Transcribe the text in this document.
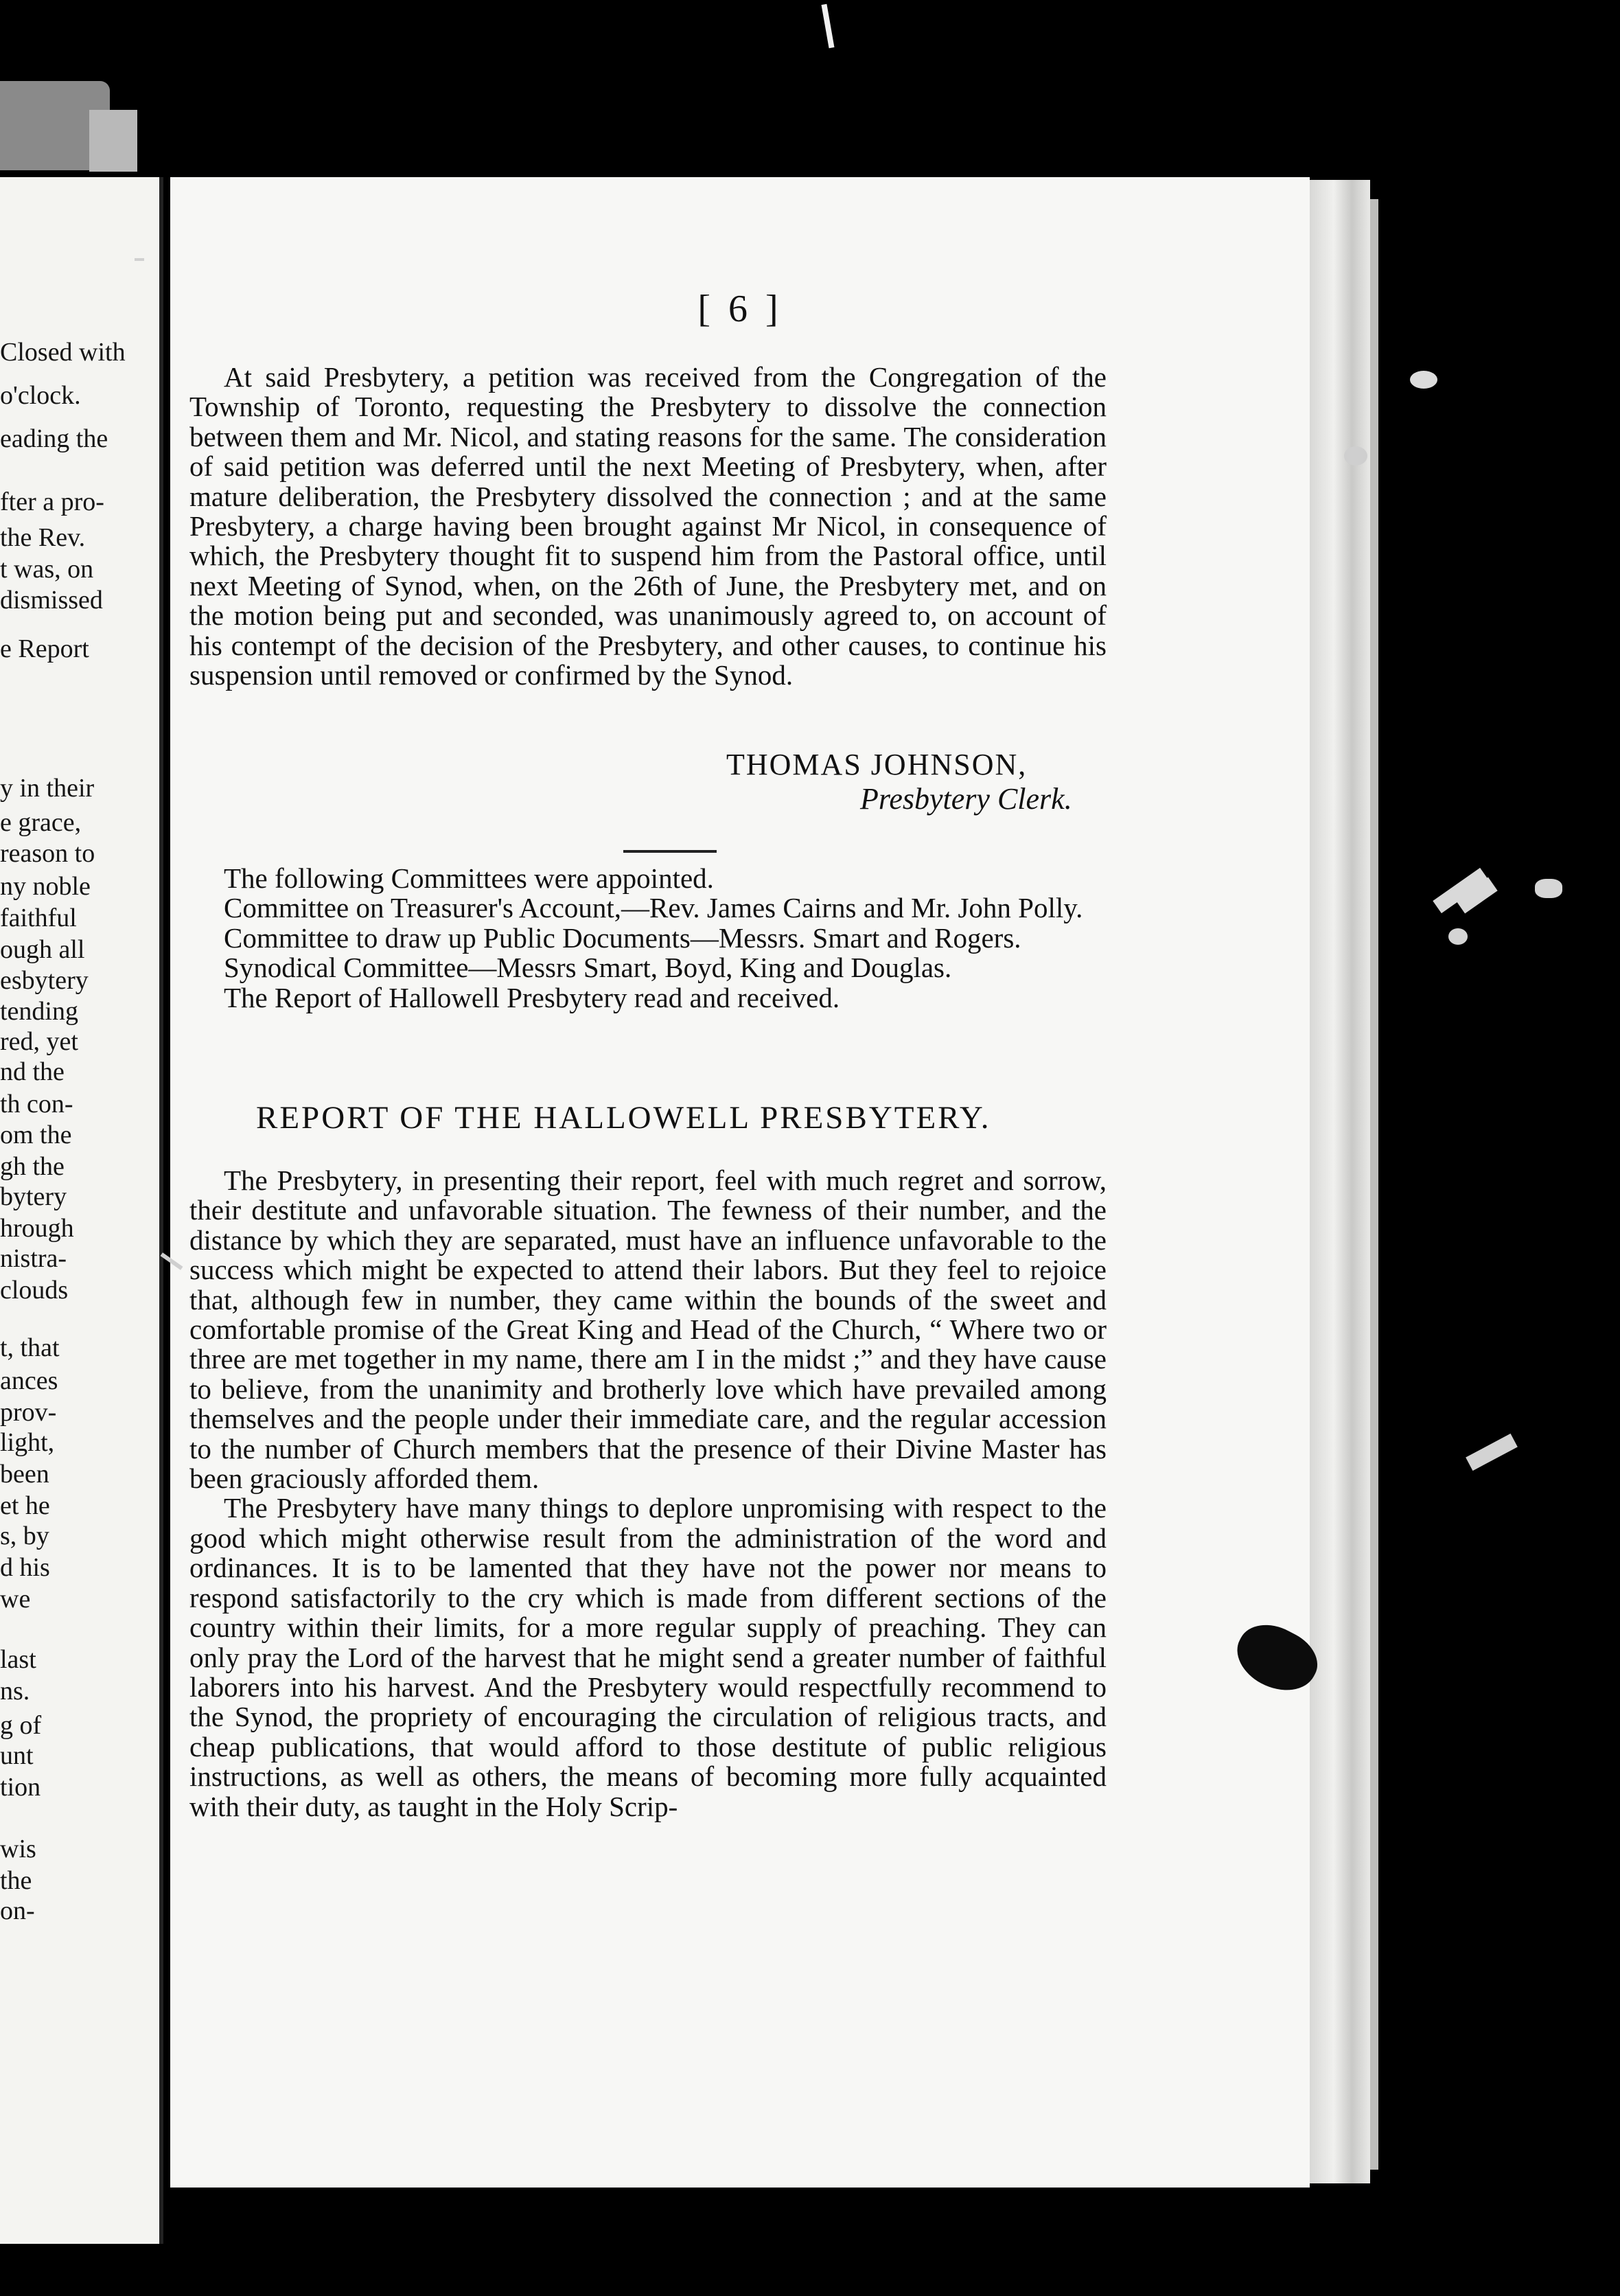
Closed with
o'clock.
eading the
fter a pro-
the Rev.
t was, on
dismissed
e Report
y in their
e grace,
reason to
ny noble
faithful
ough all
esbytery
tending
red, yet
nd the
th con-
om the
gh the
bytery
hrough
nistra-
clouds
t, that
ances
prov-
light,
been
et he
s, by
d his
we
last
ns.
g of
unt
tion
wis
the
on-
[ 6 ]

At said Presbytery, a petition was received from the Congregation of the Township of Toronto, requesting the Presbytery to dissolve the connection between them and Mr. Nicol, and stating reasons for the same. The consideration of said petition was deferred until the next Meeting of Presbytery, when, after mature deliberation, the Presbytery dissolved the connection ; and at the same Presbytery, a charge having been brought against Mr Nicol, in consequence of which, the Presbytery thought fit to suspend him from the Pastoral office, until next Meeting of Synod, when, on the 26th of June, the Presbytery met, and on the motion being put and seconded, was unanimously agreed to, on account of his contempt of the decision of the Presbytery, and other causes, to continue his suspension until removed or confirmed by the Synod.

THOMAS JOHNSON,
Presbytery Clerk.

The following Committees were appointed.

Committee on Treasurer's Account,—Rev. James Cairns and Mr. John Polly.

Committee to draw up Public Documents—Messrs. Smart and Rogers.

Synodical Committee—Messrs Smart, Boyd, King and Douglas.

The Report of Hallowell Presbytery read and received.

REPORT OF THE HALLOWELL PRESBYTERY.

The Presbytery, in presenting their report, feel with much regret and sorrow, their destitute and unfavorable situation. The fewness of their number, and the distance by which they are separated, must have an influence unfavorable to the success which might be expected to attend their labors. But they feel to rejoice that, although few in number, they came within the bounds of the sweet and comfortable promise of the Great King and Head of the Church, “ Where two or three are met together in my name, there am I in the midst ;” and they have cause to believe, from the unanimity and brotherly love which have prevailed among themselves and the people under their immediate care, and the regular accession to the number of Church members that the presence of their Divine Master has been graciously afforded them.

The Presbytery have many things to deplore unpromising with respect to the good which might otherwise result from the administration of the word and ordinances. It is to be lamented that they have not the power nor means to respond satisfactorily to the cry which is made from different sections of the country within their limits, for a more regular supply of preaching. They can only pray the Lord of the harvest that he might send a greater number of faithful laborers into his harvest. And the Presbytery would respectfully recommend to the Synod, the propriety of encouraging the circulation of religious tracts, and cheap publications, that would afford to those destitute of public religious instructions, as well as others, the means of becoming more fully acquainted with their duty, as taught in the Holy Scrip-
